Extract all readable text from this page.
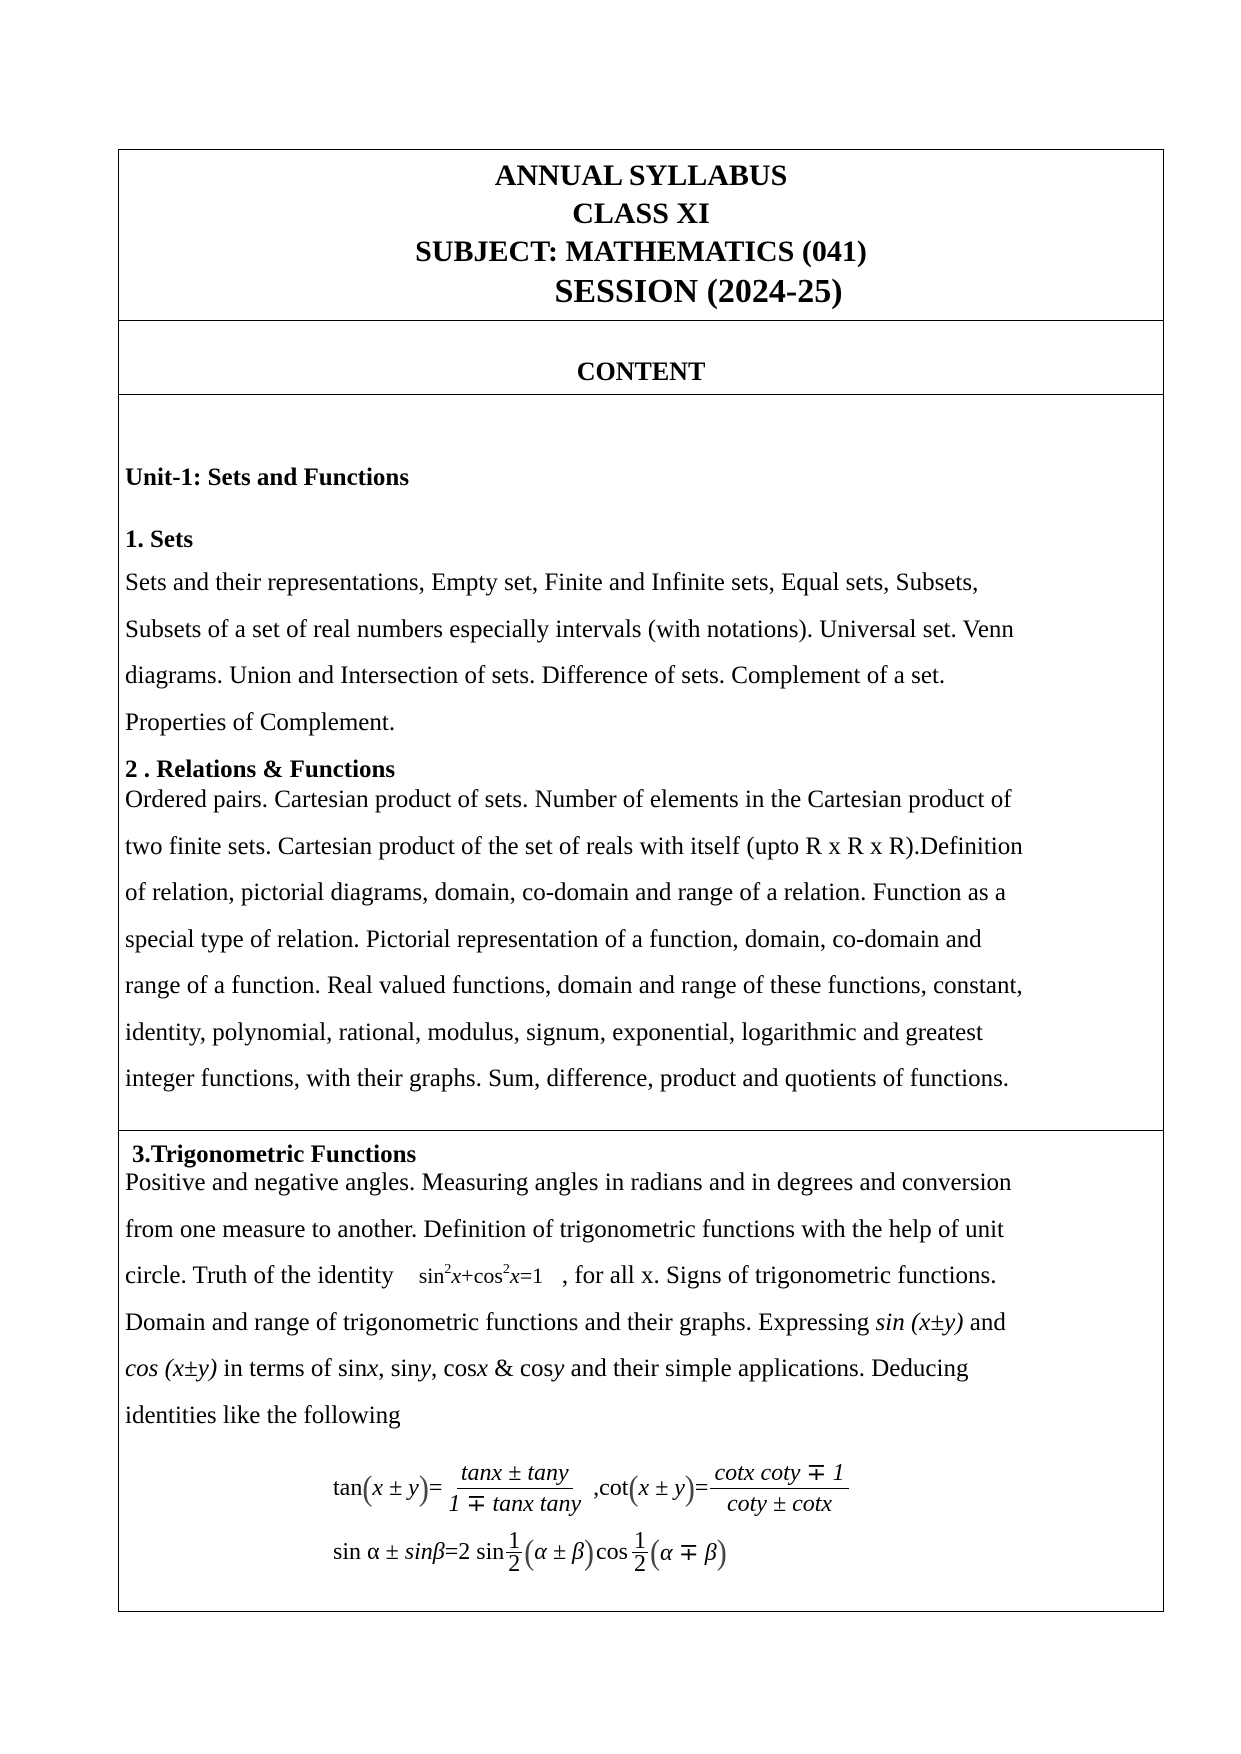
ANNUAL SYLLABUS
CLASS XI
SUBJECT: MATHEMATICS (041)
SESSION (2024-25)
CONTENT
Unit-1: Sets and Functions
1. Sets
Sets and their representations, Empty set, Finite and Infinite sets, Equal sets, Subsets,
Subsets of a set of real numbers especially intervals (with notations). Universal set. Venn
diagrams. Union and Intersection of sets. Difference of sets. Complement of a set.
Properties of Complement.
2 . Relations & Functions
Ordered pairs. Cartesian product of sets. Number of elements in the Cartesian product of
two finite sets. Cartesian product of the set of reals with itself (upto R x R x R).Definition
of relation, pictorial diagrams, domain, co-domain and range of a relation. Function as a
special type of relation. Pictorial representation of a function, domain, co-domain and
range of a function. Real valued functions, domain and range of these functions, constant,
identity, polynomial, rational, modulus, signum, exponential, logarithmic and greatest
integer functions, with their graphs. Sum, difference, product and quotients of functions.
3.Trigonometric Functions
Positive and negative angles. Measuring angles in radians and in degrees and conversion
from one measure to another. Definition of trigonometric functions with the help of unit
circle. Truth of the identity $\sin^2x+\cos^2x=1$ , for all x. Signs of trigonometric functions.
Domain and range of trigonometric functions and their graphs. Expressing sin (x±y) and
cos (x±y) in terms of sinx, siny, cosx & cosy and their simple applications. Deducing
identities like the following
tan ( x ± y ) = $\frac{\tan x \pm \tan y}{\text{1 ∓ tanx tany}}$ , cot ( x ± y ) = $\frac{\text{cotx coty ∓ 1}}{\cot y \pm \cot x}$
sin α ±
sinβ =2 $\sin \frac{1}{2}$ ( α ± β ) $\cos \frac{1}{2}$ ( α ∓ β )
